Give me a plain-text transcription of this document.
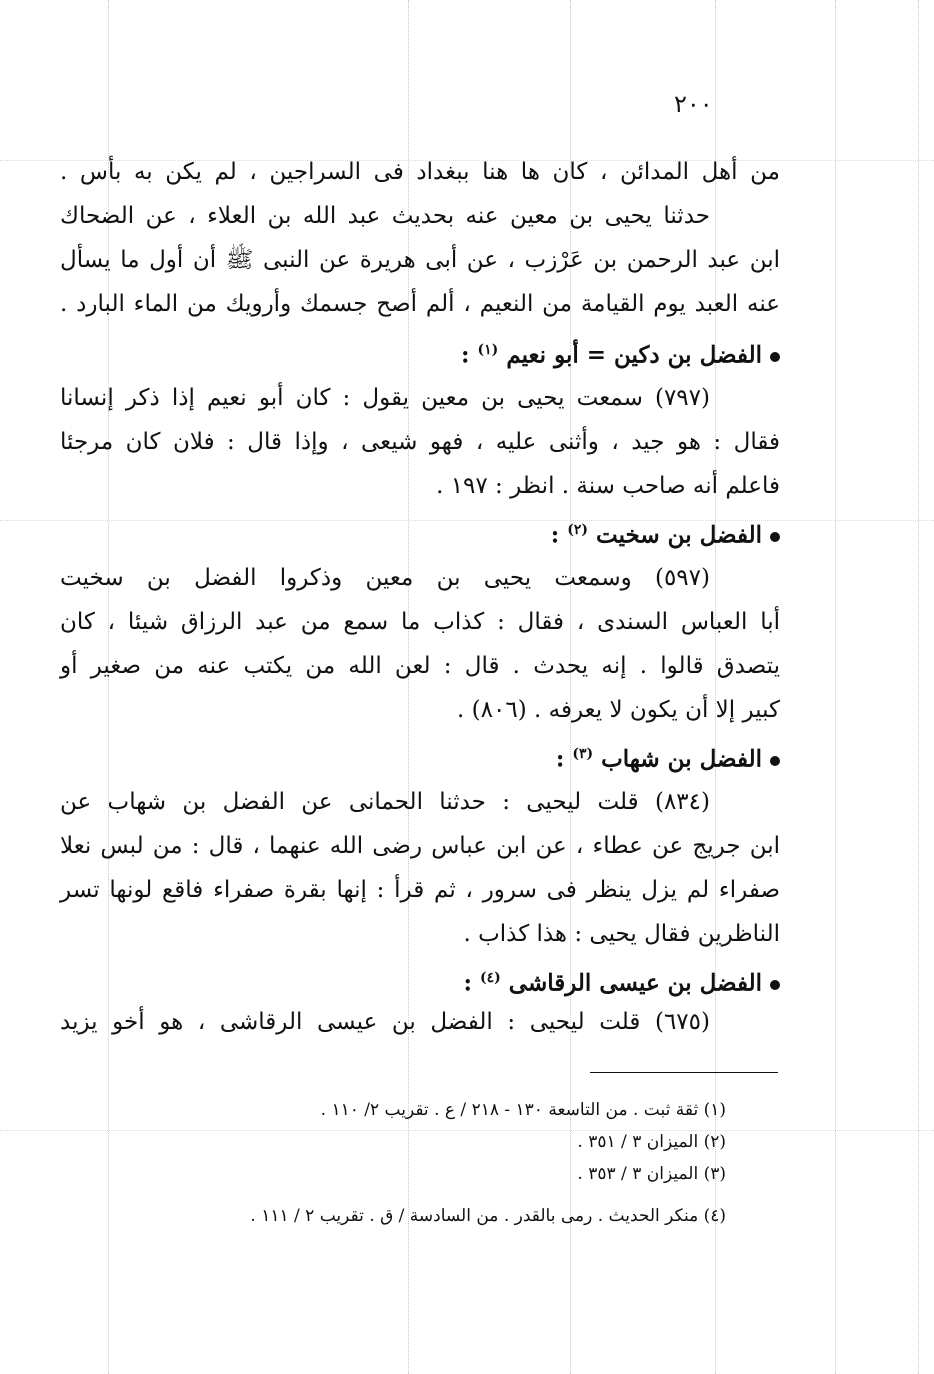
٢٠٠
من أهل المدائن ، كان ها هنا ببغداد فى السراجين ، لم يكن به بأس .
حدثنا يحيى بن معين عنه بحديث عبد الله بن العلاء ، عن الضحاك
ابن عبد الرحمن بن عَرْزب ، عن أبى هريرة عن النبى ﷺ أن أول ما يسأل
عنه العبد يوم القيامة من النعيم ، ألم أصح جسمك وأرويك من الماء البارد .
الفضل بن دكين = أبو نعيم $^{(١)}$ :
(٧٩٧) سمعت يحيى بن معين يقول : كان أبو نعيم إذا ذكر إنسانا
فقال : هو جيد ، وأثنى عليه ، فهو شيعى ، وإذا قال : فلان كان مرجئا
فاعلم أنه صاحب سنة . انظر : ١٩٧ .
الفضل بن سخيت $^{(٢)}$ :
(٥٩٧) وسمعت يحيى بن معين وذكروا الفضل بن سخيت
أبا العباس السندى ، فقال : كذاب ما سمع من عبد الرزاق شيئا ، كان
يتصدق قالوا . إنه يحدث . قال : لعن الله من يكتب عنه من صغير أو
كبير إلا أن يكون لا يعرفه . (٨٠٦) .
الفضل بن شهاب $^{(٣)}$ :
(٨٣٤) قلت ليحيى : حدثنا الحمانى عن الفضل بن شهاب عن
ابن جريج عن عطاء ، عن ابن عباس رضى الله عنهما ، قال : من لبس نعلا
صفراء لم يزل ينظر فى سرور ، ثم قرأ : إنها بقرة صفراء فاقع لونها تسر
الناظرين فقال يحيى : هذا كذاب .
الفضل بن عيسى الرقاشى $^{(٤)}$ :
(٦٧٥) قلت ليحيى : الفضل بن عيسى الرقاشى ، هو أخو يزيد
(١) ثقة ثبت . من التاسعة ١٣٠ - ٢١٨ / ع . تقريب ٢/ ١١٠ .
(٢) الميزان ٣ / ٣٥١ .
(٣) الميزان ٣ / ٣٥٣ .
(٤) منكر الحديث . رمى بالقدر . من السادسة / ق . تقريب ٢ / ١١١ .
